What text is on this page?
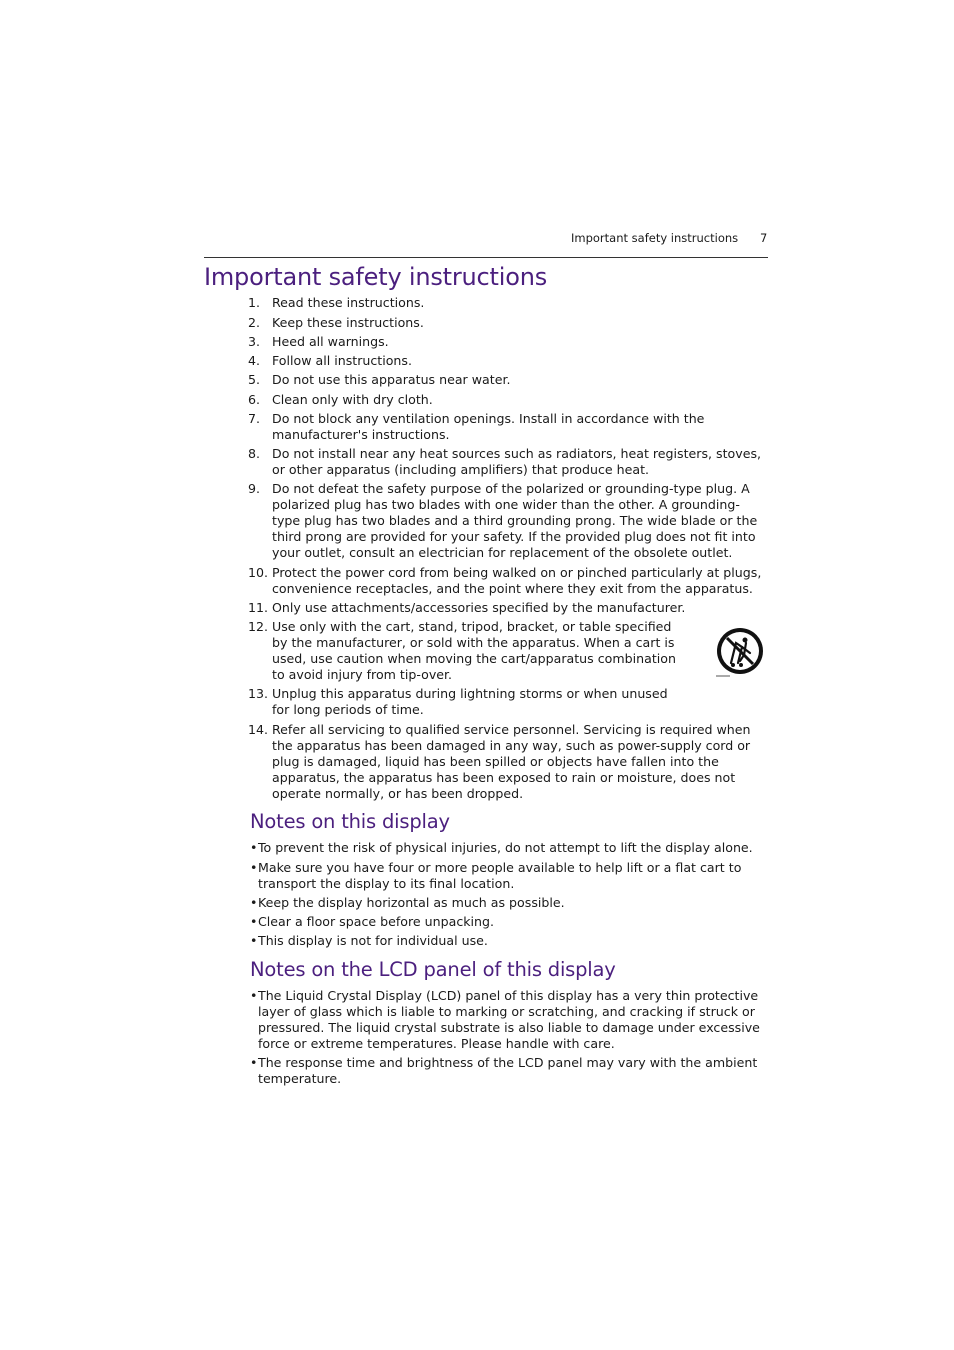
Important safety instructions 7
Important safety instructions
1. Read these instructions.
2. Keep these instructions.
3. Heed all warnings.
4. Follow all instructions.
5. Do not use this apparatus near water.
6. Clean only with dry cloth.
7. Do not block any ventilation openings. Install in accordance with the manufacturer's instructions.
8. Do not install near any heat sources such as radiators, heat registers, stoves, or other apparatus (including amplifiers) that produce heat.
9. Do not defeat the safety purpose of the polarized or grounding-type plug. A polarized plug has two blades with one wider than the other. A grounding-type plug has two blades and a third grounding prong. The wide blade or the third prong are provided for your safety. If the provided plug does not fit into your outlet, consult an electrician for replacement of the obsolete outlet.
10. Protect the power cord from being walked on or pinched particularly at plugs, convenience receptacles, and the point where they exit from the apparatus.
11. Only use attachments/accessories specified by the manufacturer.
12. Use only with the cart, stand, tripod, bracket, or table specified by the manufacturer, or sold with the apparatus. When a cart is used, use caution when moving the cart/apparatus combination to avoid injury from tip-over.
13. Unplug this apparatus during lightning storms or when unused for long periods of time.
14. Refer all servicing to qualified service personnel. Servicing is required when the apparatus has been damaged in any way, such as power-supply cord or plug is damaged, liquid has been spilled or objects have fallen into the apparatus, the apparatus has been exposed to rain or moisture, does not operate normally, or has been dropped.
Notes on this display
• To prevent the risk of physical injuries, do not attempt to lift the display alone.
• Make sure you have four or more people available to help lift or a flat cart to transport the display to its final location.
• Keep the display horizontal as much as possible.
• Clear a floor space before unpacking.
• This display is not for individual use.
Notes on the LCD panel of this display
• The Liquid Crystal Display (LCD) panel of this display has a very thin protective layer of glass which is liable to marking or scratching, and cracking if struck or pressured. The liquid crystal substrate is also liable to damage under excessive force or extreme temperatures. Please handle with care.
• The response time and brightness of the LCD panel may vary with the ambient temperature.
